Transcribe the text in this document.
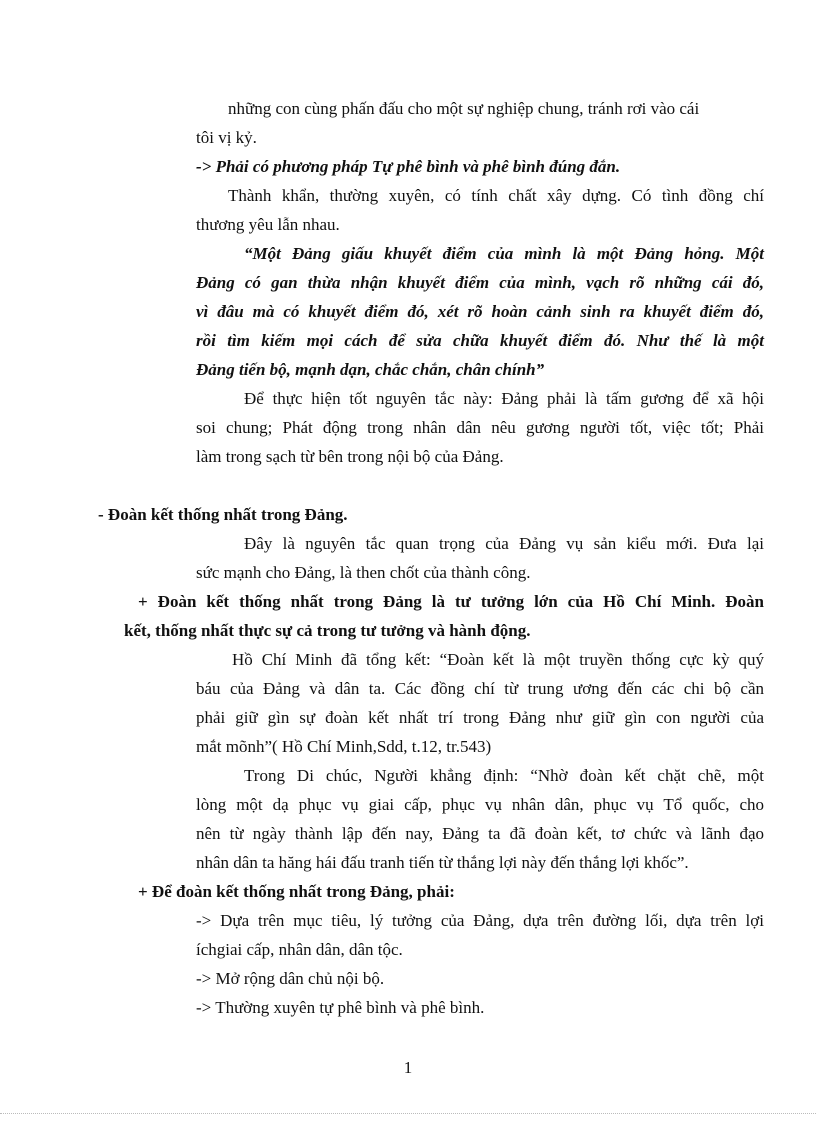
những con cùng phấn đấu cho một sự nghiệp chung, tránh rơi vào cái
tôi vị kỷ.
-> Phải có phương pháp Tự phê bình và phê bình đúng đắn.
Thành khẩn, thường xuyên, có tính chất xây dựng. Có tình đồng chí
thương yêu lẫn nhau.
“Một Đảng giấu khuyết điểm của mình là một Đảng hỏng. Một
Đảng có gan thừa nhận khuyết điểm của mình, vạch rõ những cái đó,
vì đâu mà có khuyết điểm đó, xét rõ hoàn cảnh sinh ra khuyết điểm đó,
rồi tìm kiếm mọi cách để sửa chữa khuyết điểm đó. Như thế là một
Đảng tiến bộ, mạnh dạn, chắc chắn, chân chính”
Để thực hiện tốt nguyên tắc này: Đảng phải là tấm gương để xã hội
soi chung; Phát động trong nhân dân nêu gương người tốt, việc tốt; Phải
làm trong sạch từ bên trong nội bộ của Đảng.
- Đoàn kết thống nhất trong Đảng.
Đây là nguyên tắc quan trọng của Đảng vụ sản kiểu mới. Đưa lại
sức mạnh cho Đảng, là then chốt của thành công.
+ Đoàn kết thống nhất trong Đảng là tư tưởng lớn của Hồ Chí Minh. Đoàn
kết, thống nhất thực sự cả trong tư tưởng và hành động.
Hồ Chí Minh đã tổng kết: “Đoàn kết là một truyền thống cực kỳ quý
báu của Đảng và dân ta. Các đồng chí từ trung ương đến các chi bộ cần
phải giữ gìn sự đoàn kết nhất trí trong Đảng như giữ gìn con người của
mắt mõnh”( Hồ Chí Minh,Sdd, t.12, tr.543)
Trong Di chúc, Người khẳng định: “Nhờ đoàn kết chặt chẽ, một
lòng một dạ phục vụ giai cấp, phục vụ nhân dân, phục vụ Tổ quốc, cho
nên từ ngày thành lập đến nay, Đảng ta đã đoàn kết, tơ chức và lãnh đạo
nhân dân ta hăng hái đấu tranh tiến từ thắng lợi này đến thắng lợi khốc”.
+ Để đoàn kết thống nhất trong Đảng, phải:
-> Dựa trên mục tiêu, lý tưởng của Đảng, dựa trên đường lối, dựa trên lợi
íchgiai cấp, nhân dân, dân tộc.
-> Mở rộng dân chủ nội bộ.
-> Thường xuyên tự phê bình và phê bình.
1
